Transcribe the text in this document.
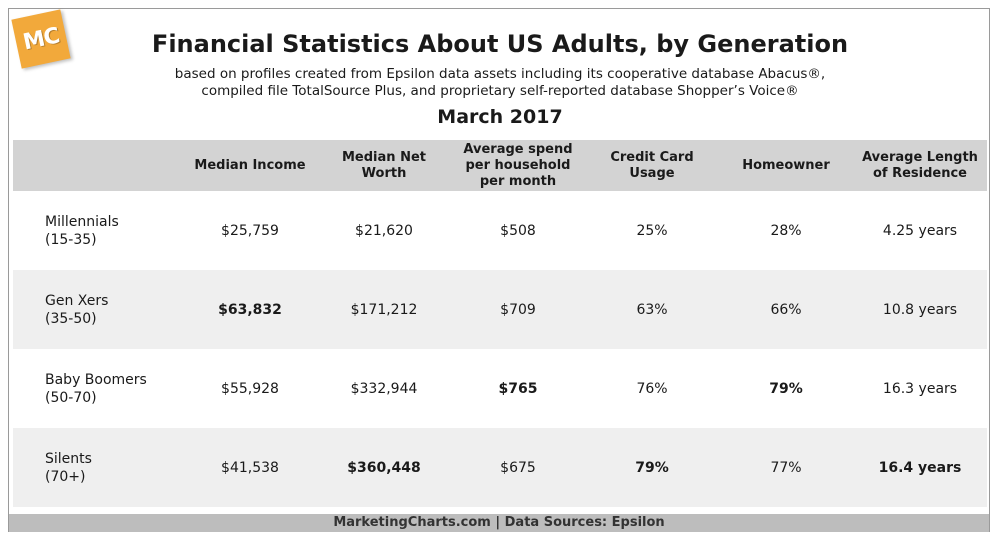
MC	Financial Statistics About US Adults, by Generation
based on profiles created from Epsilon data assets including its cooperative database Abacus®,
compiled file TotalSource Plus, and proprietary self-reported database Shopper’s Voice®
March 2017
	Median Income	Median Net Worth	Average spend per household per month	Credit Card Usage	Homeowner	Average Length of Residence

Millennials
(15-35)	$25,759	$21,620	$508	25%	28%	4.25 years

Gen Xers
(35-50)	$63,832	$171,212	$709	63%	66%	10.8 years

Baby Boomers
(50-70)	$55,928	$332,944	$765	76%	79%	16.3 years

Silents
(70+)	$41,538	$360,448	$675	79%	77%	16.4 years
MarketingCharts.com | Data Sources: Epsilon
